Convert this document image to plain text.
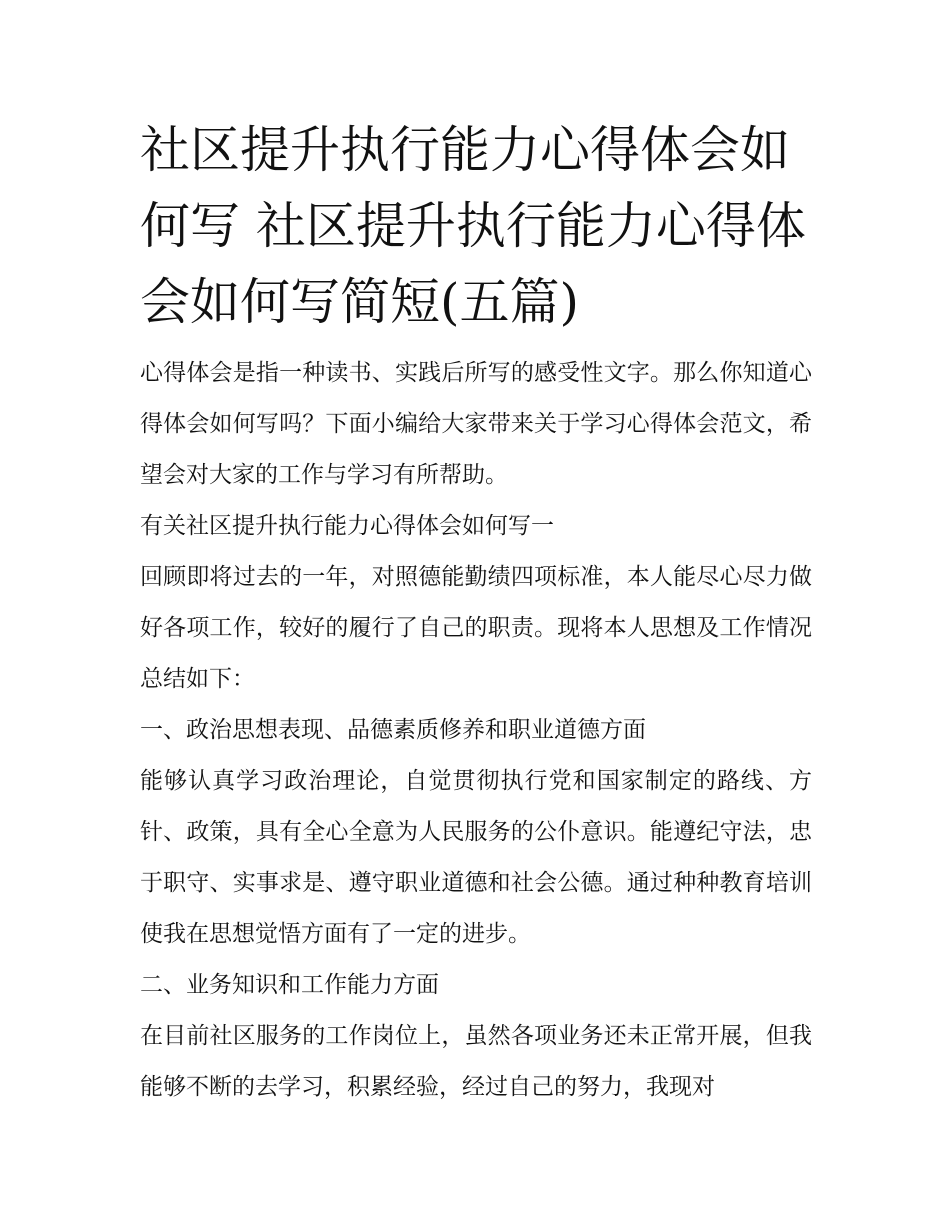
社区提升执行能力心得体会如何写 社区提升执行能力心得体会如何写简短(五篇)

心得体会是指一种读书、实践后所写的感受性文字。那么你知道心得体会如何写吗？下面小编给大家带来关于学习心得体会范文，希望会对大家的工作与学习有所帮助。

有关社区提升执行能力心得体会如何写一

回顾即将过去的一年，对照德能勤绩四项标准，本人能尽心尽力做好各项工作，较好的履行了自己的职责。现将本人思想及工作情况总结如下：

一、政治思想表现、品德素质修养和职业道德方面

能够认真学习政治理论，自觉贯彻执行党和国家制定的路线、方针、政策，具有全心全意为人民服务的公仆意识。能遵纪守法，忠于职守、实事求是、遵守职业道德和社会公德。通过种种教育培训使我在思想觉悟方面有了一定的进步。

二、业务知识和工作能力方面

在目前社区服务的工作岗位上，虽然各项业务还未正常开展，但我能够不断的去学习，积累经验，经过自己的努力，我现对
